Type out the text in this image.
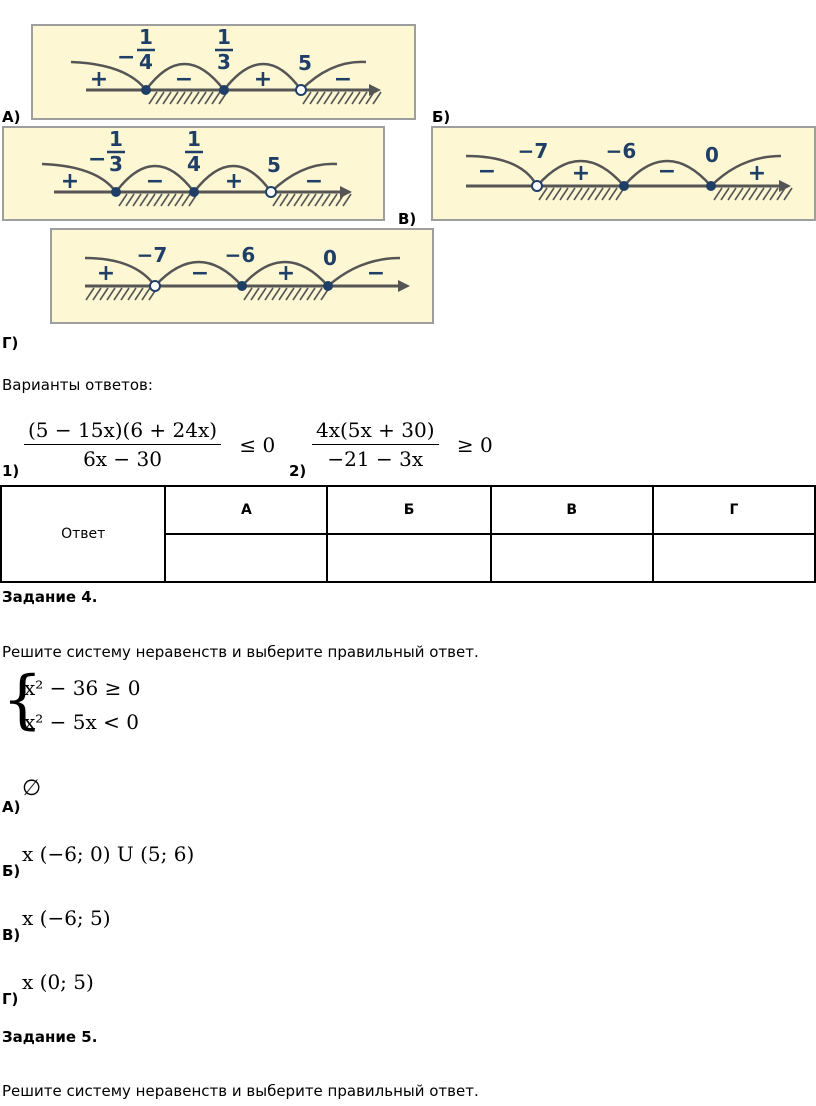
−
1
4
1
3	5
+	−	+	−
А)	Б)
−
1
3
1
4	5
+	−	+	−
−7	−6	0
−	+	−	+
В)
−7	−6	0
+	−	+	−
Г)
Варианты ответов:
$\frac{(5 - 15x)(6 + 24x)}{6x - 30} \le 0$
1)	$\frac{4x(5x + 30)}{-21 - 3x} \ge 0$
2)
Ответ	А	Б	В	Г

Задание 4.
Решите систему неравенств и выберите правильный ответ.
{
x² − 36 ≥ 0
x² − 5x < 0
∅
А)
x (−6; 0) U (5; 6)
Б)
x (−6; 5)
В)
x (0; 5)
Г)
Задание 5.
Решите систему неравенств и выберите правильный ответ.
